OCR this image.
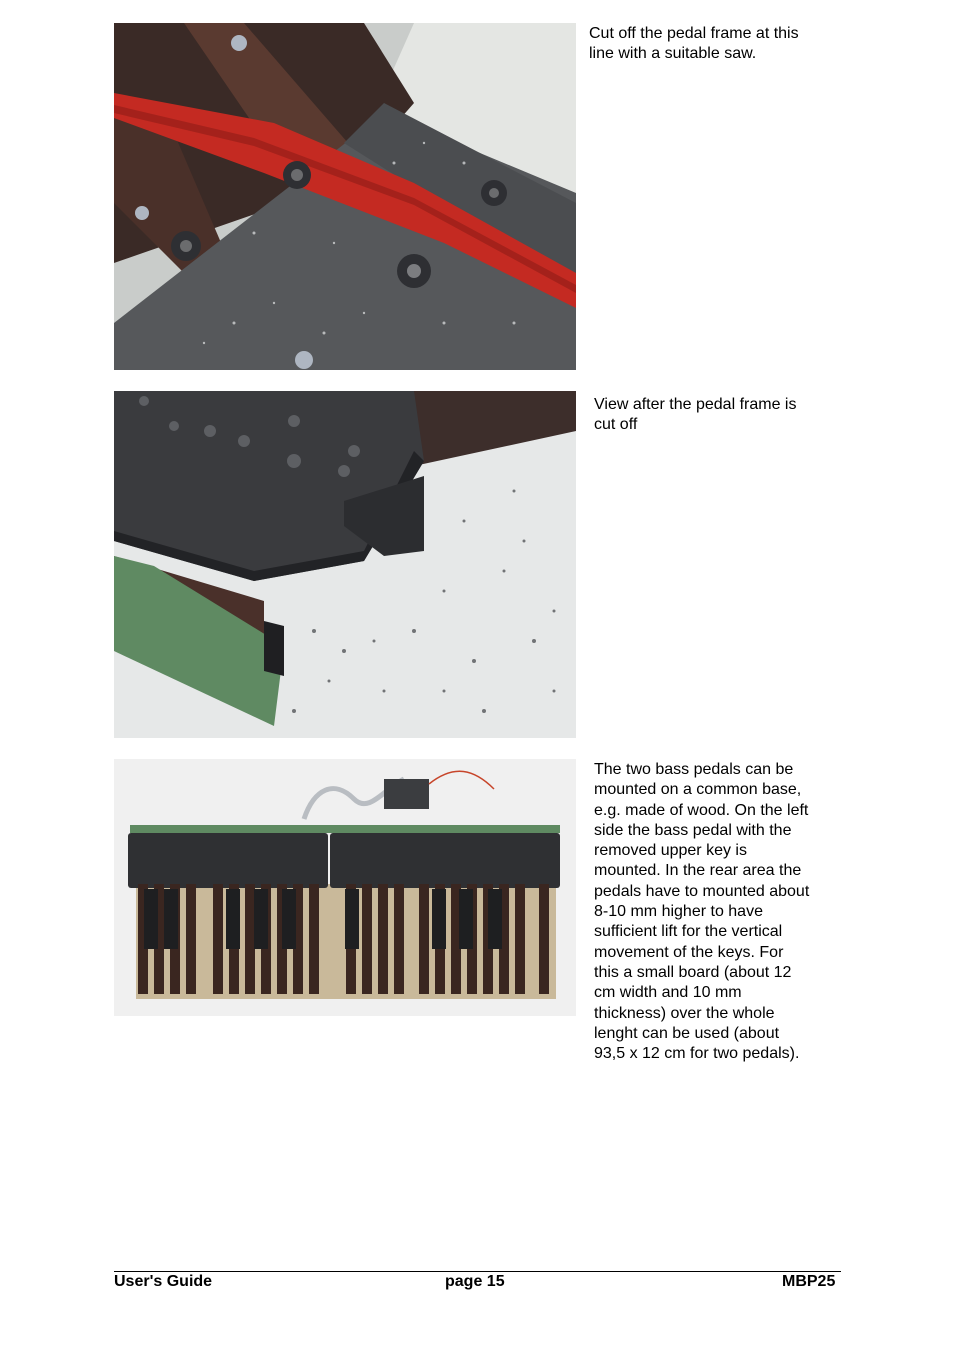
Cut off the pedal frame at this
line with a suitable saw.

View after the pedal frame is
cut off

The two bass pedals can be
mounted on a common base,
e.g. made of wood. On the left
side the bass pedal with the
removed upper key is
mounted. In the rear area the
pedals have to mounted about
8-10 mm higher to have
sufficient lift for the vertical
movement of the keys. For
this a small board (about 12
cm width and 10 mm
thickness) over the whole
lenght can be used (about
93,5 x 12 cm for two pedals).

User's Guide	page 15	MBP25
